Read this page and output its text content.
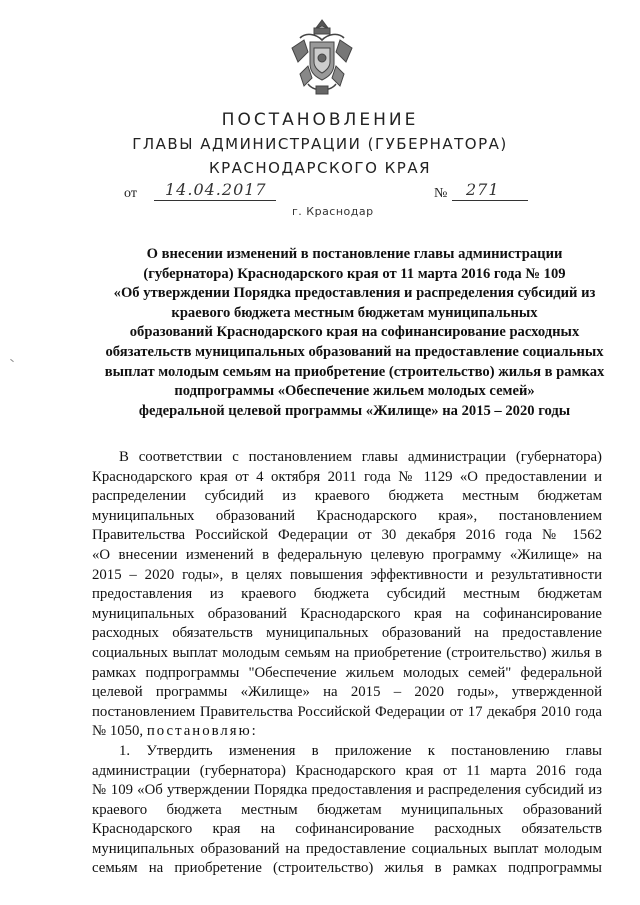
ПОСТАНОВЛЕНИЕ
ГЛАВЫ АДМИНИСТРАЦИИ (ГУБЕРНАТОРА)
КРАСНОДАРСКОГО КРАЯ
от 14.04.2017	№ 271
г. Краснодар
О внесении изменений в постановление главы администрации
(губернатора) Краснодарского края от 11 марта 2016 года № 109
«Об утверждении Порядка предоставления и распределения субсидий из
краевого бюджета местным бюджетам муниципальных
образований Краснодарского края на софинансирование расходных
обязательств муниципальных образований на предоставление социальных
выплат молодым семьям на приобретение (строительство) жилья в рамках
подпрограммы «Обеспечение жильем молодых семей»
федеральной целевой программы «Жилище» на 2015 – 2020 годы
В соответствии с постановлением главы администрации (губернатора)
Краснодарского края от 4 октября 2011 года № 1129 «О предоставлении и
распределении субсидий из краевого бюджета местным бюджетам
муниципальных образований Краснодарского края», постановлением
Правительства Российской Федерации от 30 декабря 2016 года № 1562
«О внесении изменений в федеральную целевую программу «Жилище» на
2015 – 2020 годы», в целях повышения эффективности и результативности
предоставления из краевого бюджета субсидий местным бюджетам
муниципальных образований Краснодарского края на софинансирование
расходных обязательств муниципальных образований на предоставление
социальных выплат молодым семьям на приобретение (строительство) жилья в
рамках подпрограммы "Обеспечение жильем молодых семей" федеральной
целевой программы «Жилище» на 2015 – 2020 годы», утвержденной
постановлением Правительства Российской Федерации от 17 декабря 2010 года
№ 1050, постановляю:
1. Утвердить изменения в приложение к постановлению главы
администрации (губернатора) Краснодарского края от 11 марта 2016 года
№ 109 «Об утверждении Порядка предоставления и распределения субсидий из
краевого бюджета местным бюджетам муниципальных образований
Краснодарского края на софинансирование расходных обязательств
муниципальных образований на предоставление социальных выплат молодым
семьям на приобретение (строительство) жилья в рамках подпрограммы
